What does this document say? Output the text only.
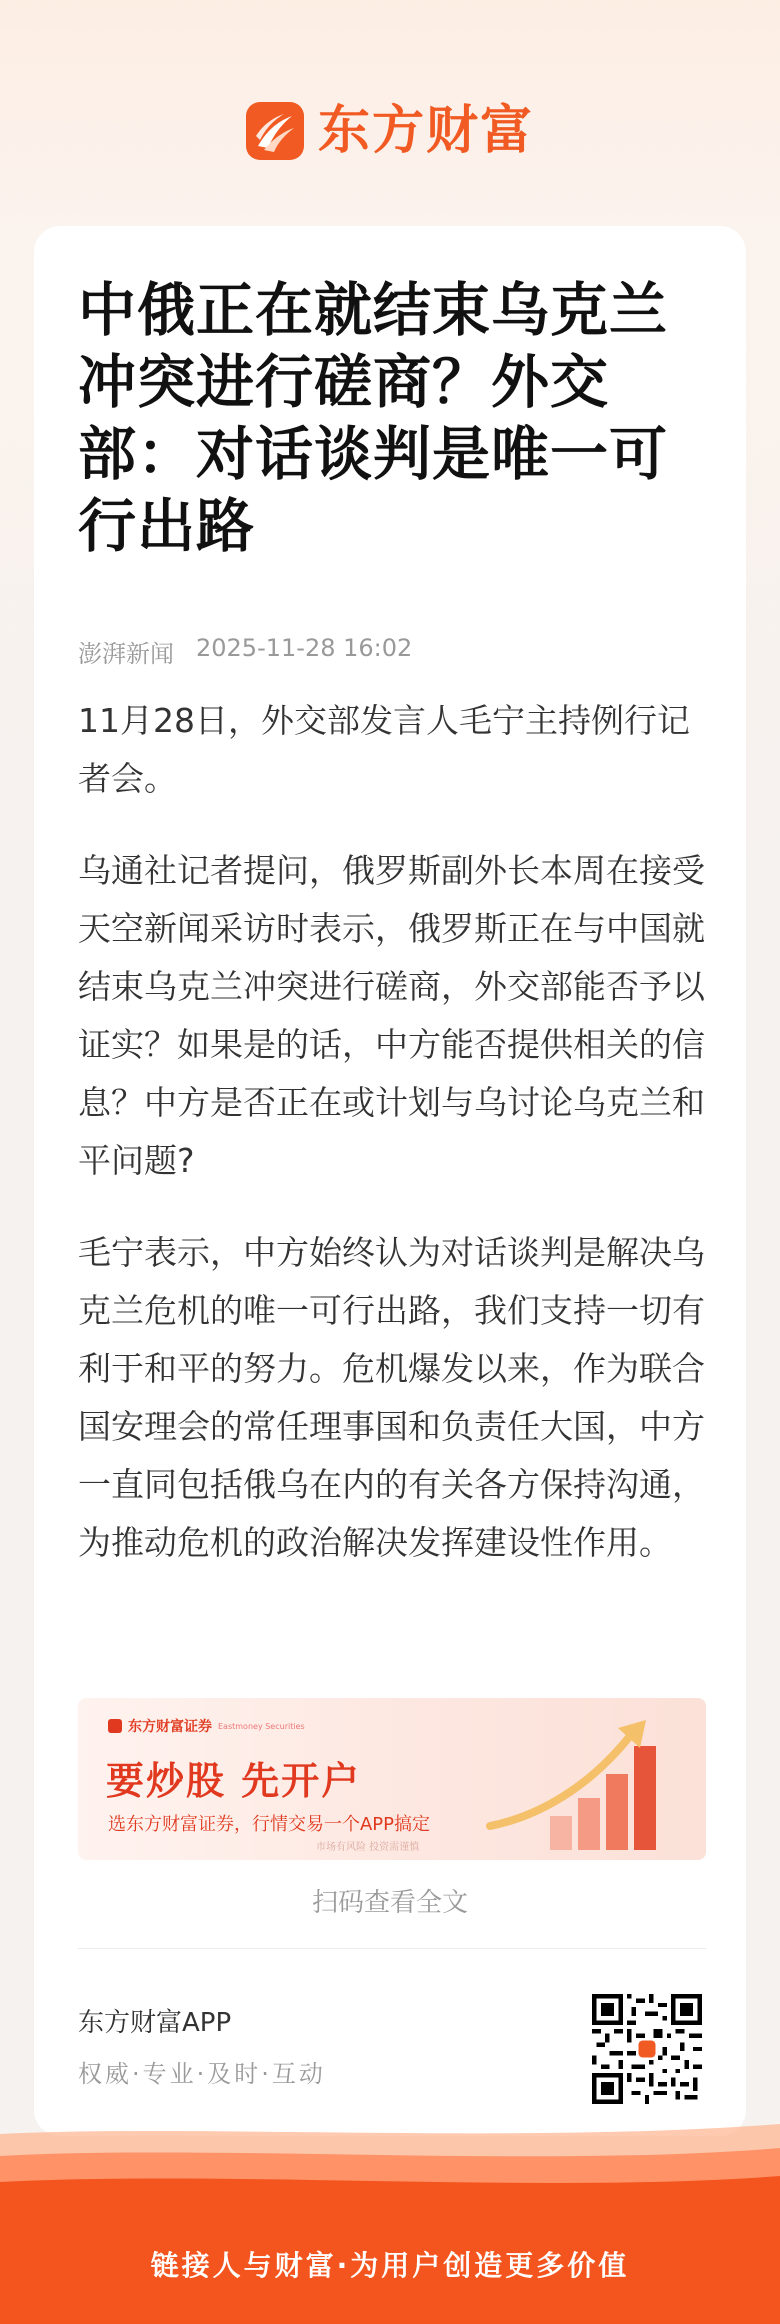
东方财富
中俄正在就结束乌克兰冲突进行磋商？外交部：对话谈判是唯一可行出路
澎湃新闻 2025-11-28 16:02

11月28日，外交部发言人毛宁主持例行记者会。

乌通社记者提问，俄罗斯副外长本周在接受天空新闻采访时表示，俄罗斯正在与中国就结束乌克兰冲突进行磋商，外交部能否予以证实？如果是的话，中方能否提供相关的信息？中方是否正在或计划与乌讨论乌克兰和平问题?

毛宁表示，中方始终认为对话谈判是解决乌克兰危机的唯一可行出路，我们支持一切有利于和平的努力。危机爆发以来，作为联合国安理会的常任理事国和负责任大国，中方一直同包括俄乌在内的有关各方保持沟通，为推动危机的政治解决发挥建设性作用。

东方财富证券 Eastmoney Securities
要炒股 先开户
选东方财富证券，行情交易一个APP搞定
市场有风险 投资需谨慎
扫码查看全文
东方财富APP
权威·专业·及时·互动
链接人与财富·为用户创造更多价值
